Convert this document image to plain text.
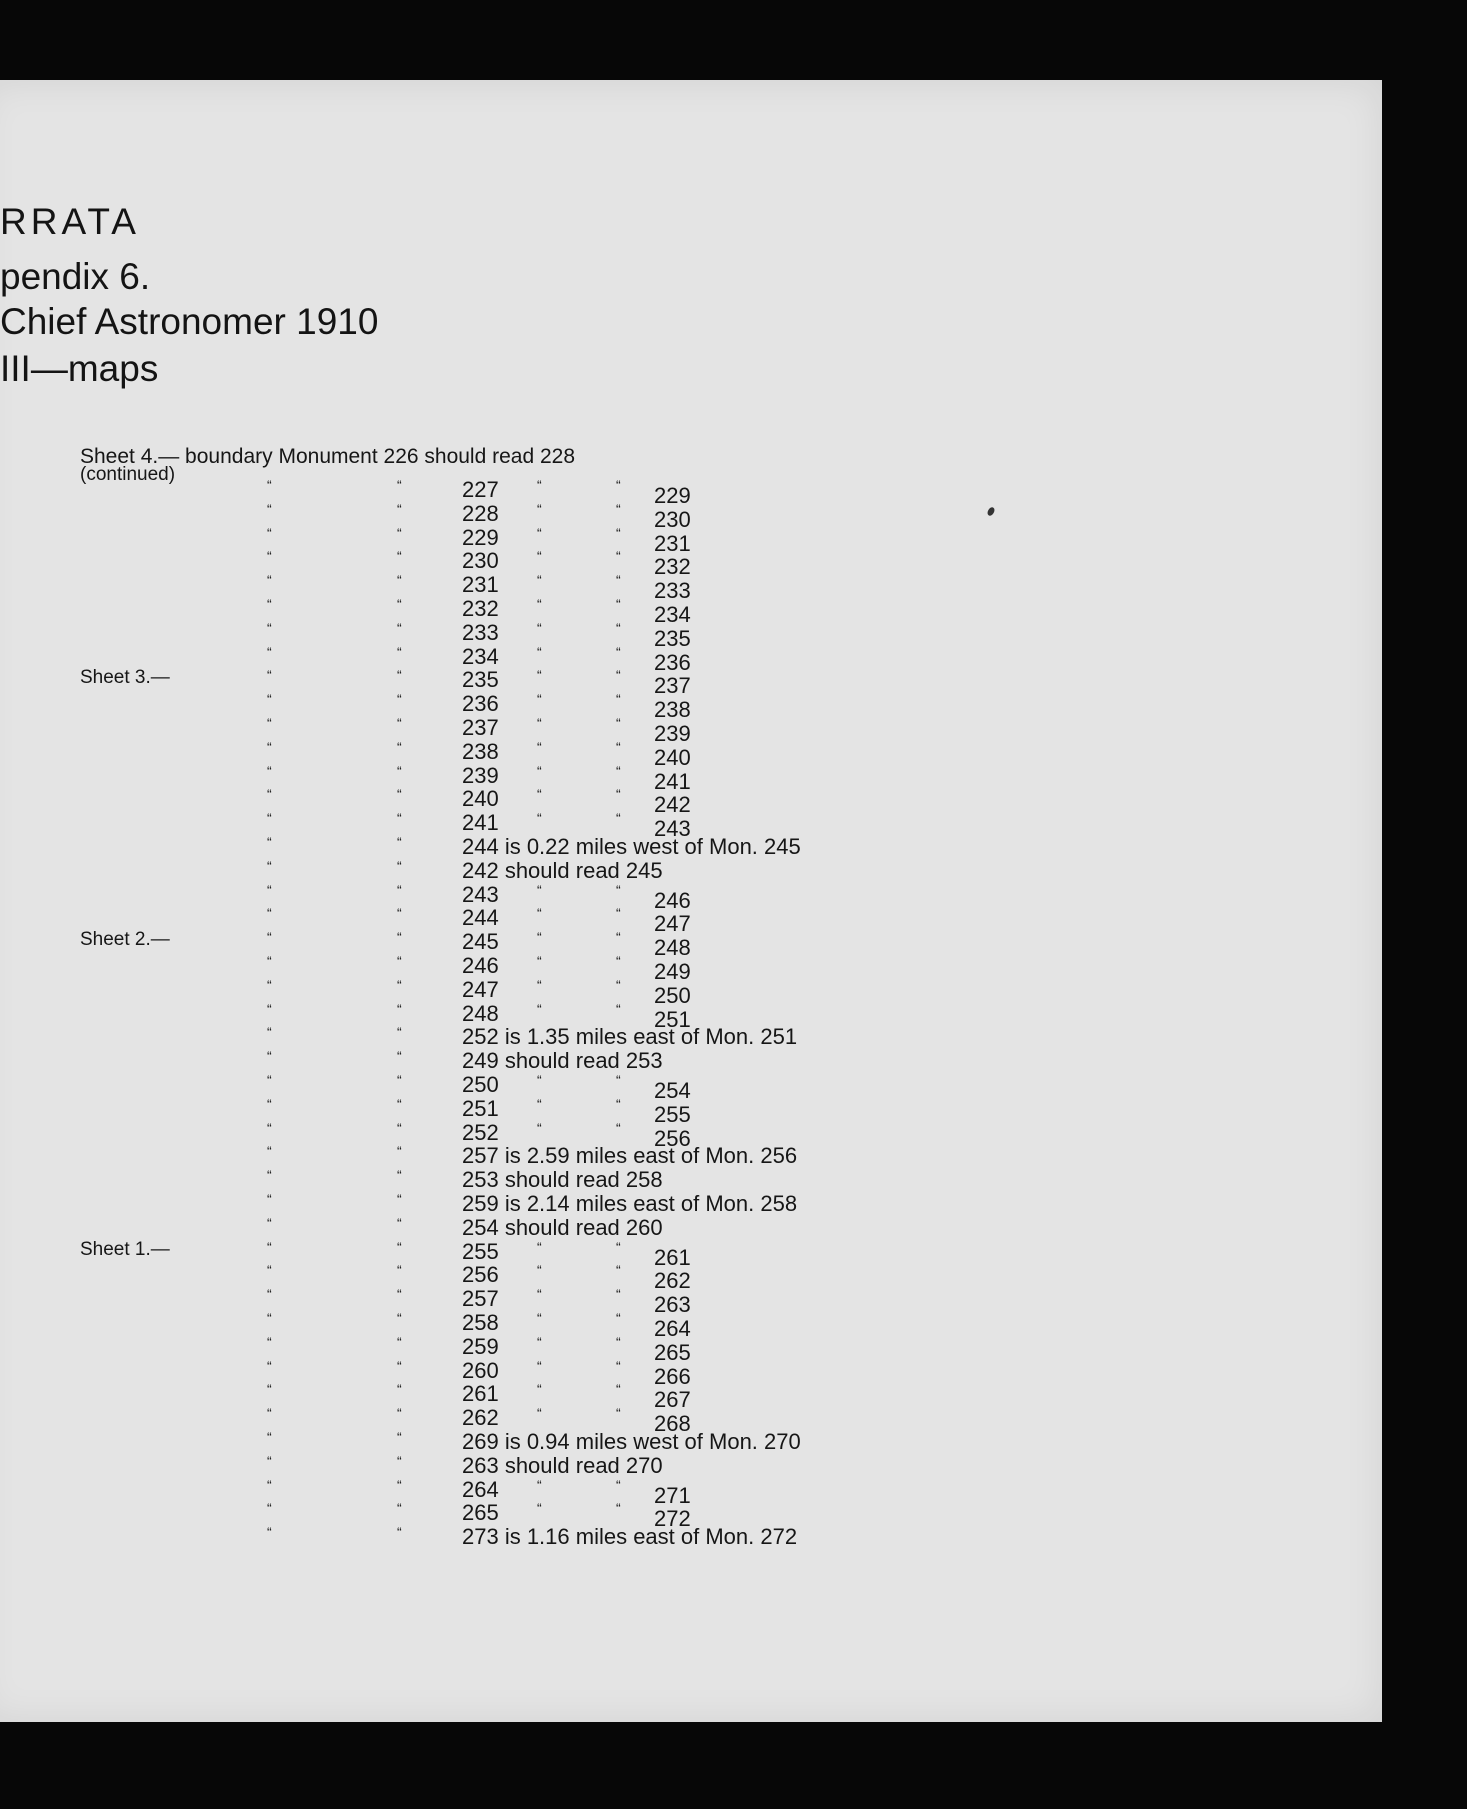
RRATA
pendix 6.
Chief Astronomer 1910
III—maps
Sheet 4.— boundary Monument 226 should read 228
(continued)	“	“	227	“	“ 229
“	“	228	“	“ 230
“	“	229	“	“ 231
“	“	230	“	“ 232
“	“	231	“	“ 233
“	“	232	“	“ 234
“	“	233	“	“ 235
“	“	234	“	“ 236
Sheet 3.—	“	“	235	“	“ 237
“	“	236	“	“ 238
“	“	237	“	“ 239
“	“	238	“	“ 240
“	“	239	“	“ 241
“	“	240	“	“ 242
“	“	241	“	“ 243
“	“	244 is 0.22 miles west of Mon. 245
“	“	242 should read 245
“	“	243	“	“ 246
“	“	244	“	“ 247
Sheet 2.—	“	“	245	“	“ 248
“	“	246	“	“ 249
“	“	247	“	“ 250
“	“	248	“	“ 251
“	“	252 is 1.35 miles east of Mon. 251
“	“	249 should read 253
“	“	250	“	“ 254
“	“	251	“	“ 255
“	“	252	“	“ 256
“	“	257 is 2.59 miles east of Mon. 256
“	“	253 should read 258
“	“	259 is 2.14 miles east of Mon. 258
“	“	254 should read 260
Sheet 1.—	“	“	255	“	“ 261
“	“	256	“	“ 262
“	“	257	“	“ 263
“	“	258	“	“ 264
“	“	259	“	“ 265
“	“	260	“	“ 266
“	“	261	“	“ 267
“	“	262	“	“ 268
“	“	269 is 0.94 miles west of Mon. 270
“	“	263 should read 270
“	“	264	“	“ 271
“	“	265	“	“ 272
“	“	273 is 1.16 miles east of Mon. 272
